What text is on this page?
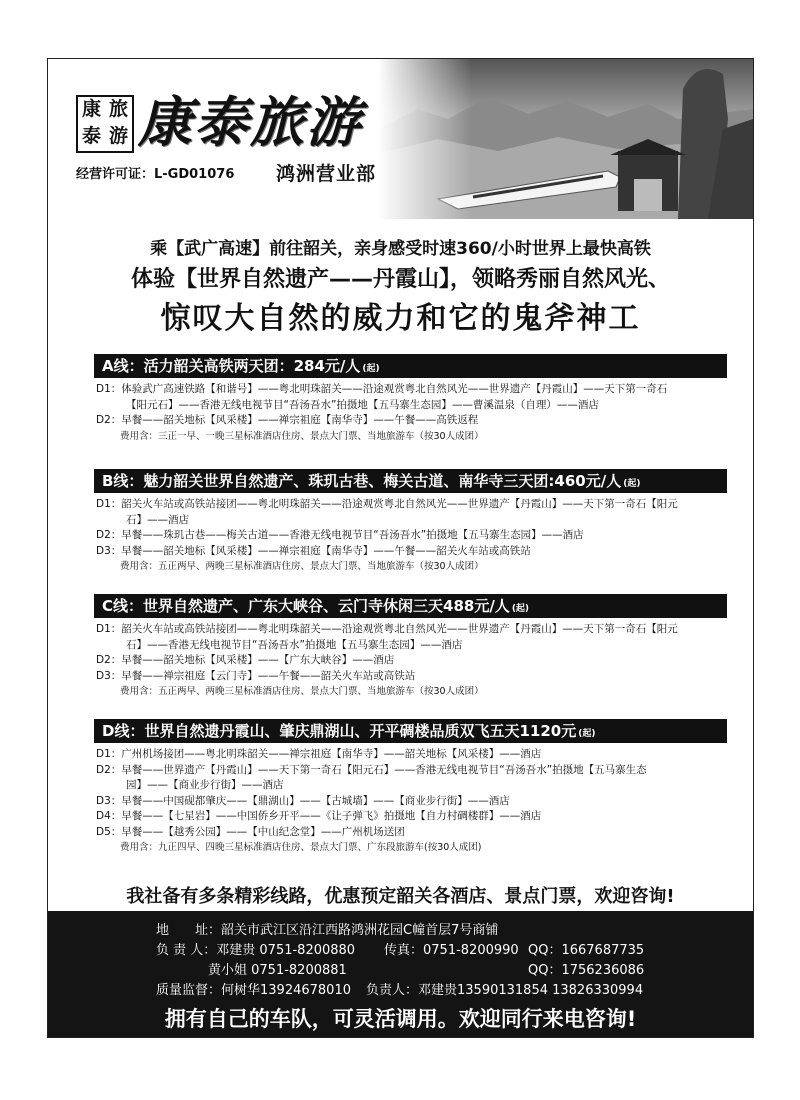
康 旅
泰 游 康泰旅游
经营许可证：L-GD01076 鸿洲营业部
乘【武广高速】前往韶关，亲身感受时速360/小时世界上最快高铁
体验【世界自然遗产——丹霞山】，领略秀丽自然风光、
惊叹大自然的威力和它的鬼斧神工
A线：活力韶关高铁两天团：284元/人 (起)
D1：体验武广高速铁路【和谐号】——粤北明珠韶关——沿途观赏粤北自然风光——世界遗产【丹霞山】——天下第一奇石
【阳元石】——香港无线电视节目“吾汤吾水”拍摄地【五马寨生态园】——曹溪温泉（自理）——酒店
D2：早餐——韶关地标【风采楼】——禅宗祖庭【南华寺】——午餐——高铁返程
费用含：三正一早、一晚三星标准酒店住房、景点大门票、当地旅游车（按30人成团）
B线：魅力韶关世界自然遗产、珠玑古巷、梅关古道、南华寺三天团:460元/人 (起)
D1：韶关火车站或高铁站接团——粤北明珠韶关——沿途观赏粤北自然风光——世界遗产【丹霞山】——天下第一奇石【阳元
石】——酒店
D2：早餐——珠玑古巷——梅关古道——香港无线电视节目“吾汤吾水”拍摄地【五马寨生态园】——酒店
D3：早餐——韶关地标【风采楼】——禅宗祖庭【南华寺】——午餐——韶关火车站或高铁站
费用含：五正两早、两晚三星标准酒店住房、景点大门票、当地旅游车（按30人成团）
C线：世界自然遗产、广东大峡谷、云门寺休闲三天488元/人 (起)
D1：韶关火车站或高铁站接团——粤北明珠韶关——沿途观赏粤北自然风光——世界遗产【丹霞山】——天下第一奇石【阳元
石】——香港无线电视节目“吾汤吾水”拍摄地【五马寨生态园】——酒店
D2：早餐——韶关地标【风采楼】——【广东大峡谷】——酒店
D3：早餐——禅宗祖庭【云门寺】——午餐——韶关火车站或高铁站
费用含：五正两早、两晚三星标准酒店住房、景点大门票、当地旅游车（按30人成团）
D线：世界自然遗丹霞山、肇庆鼎湖山、开平碉楼品质双飞五天1120元 (起)
D1：广州机场接团——粤北明珠韶关——禅宗祖庭【南华寺】——韶关地标【风采楼】——酒店
D2：早餐——世界遗产【丹霞山】——天下第一奇石【阳元石】——香港无线电视节目“吾汤吾水”拍摄地【五马寨生态
园】——【商业步行街】——酒店
D3：早餐——中国砚都肇庆——【鼎湖山】——【古城墙】——【商业步行街】——酒店
D4：早餐——【七星岩】——中国侨乡开平——《让子弹飞》拍摄地【自力村碉楼群】——酒店
D5：早餐——【越秀公园】——【中山纪念堂】——广州机场送团
费用含：九正四早、四晚三星标准酒店住房、景点大门票、广东段旅游车(按30人成团)
我社备有多条精彩线路，优惠预定韶关各酒店、景点门票，欢迎咨询!
地　　址：韶关市武江区沿江西路鸿洲花园C幢首层7号商铺
负 责 人：邓建贵 0751-8200880 传真：0751-8200990 QQ：1667687735
黄小姐 0751-8200881	QQ：1756236086
质量监督：何树华13924678010 负责人：邓建贵13590131854 13826330994
拥有自己的车队，可灵活调用。欢迎同行来电咨询!
